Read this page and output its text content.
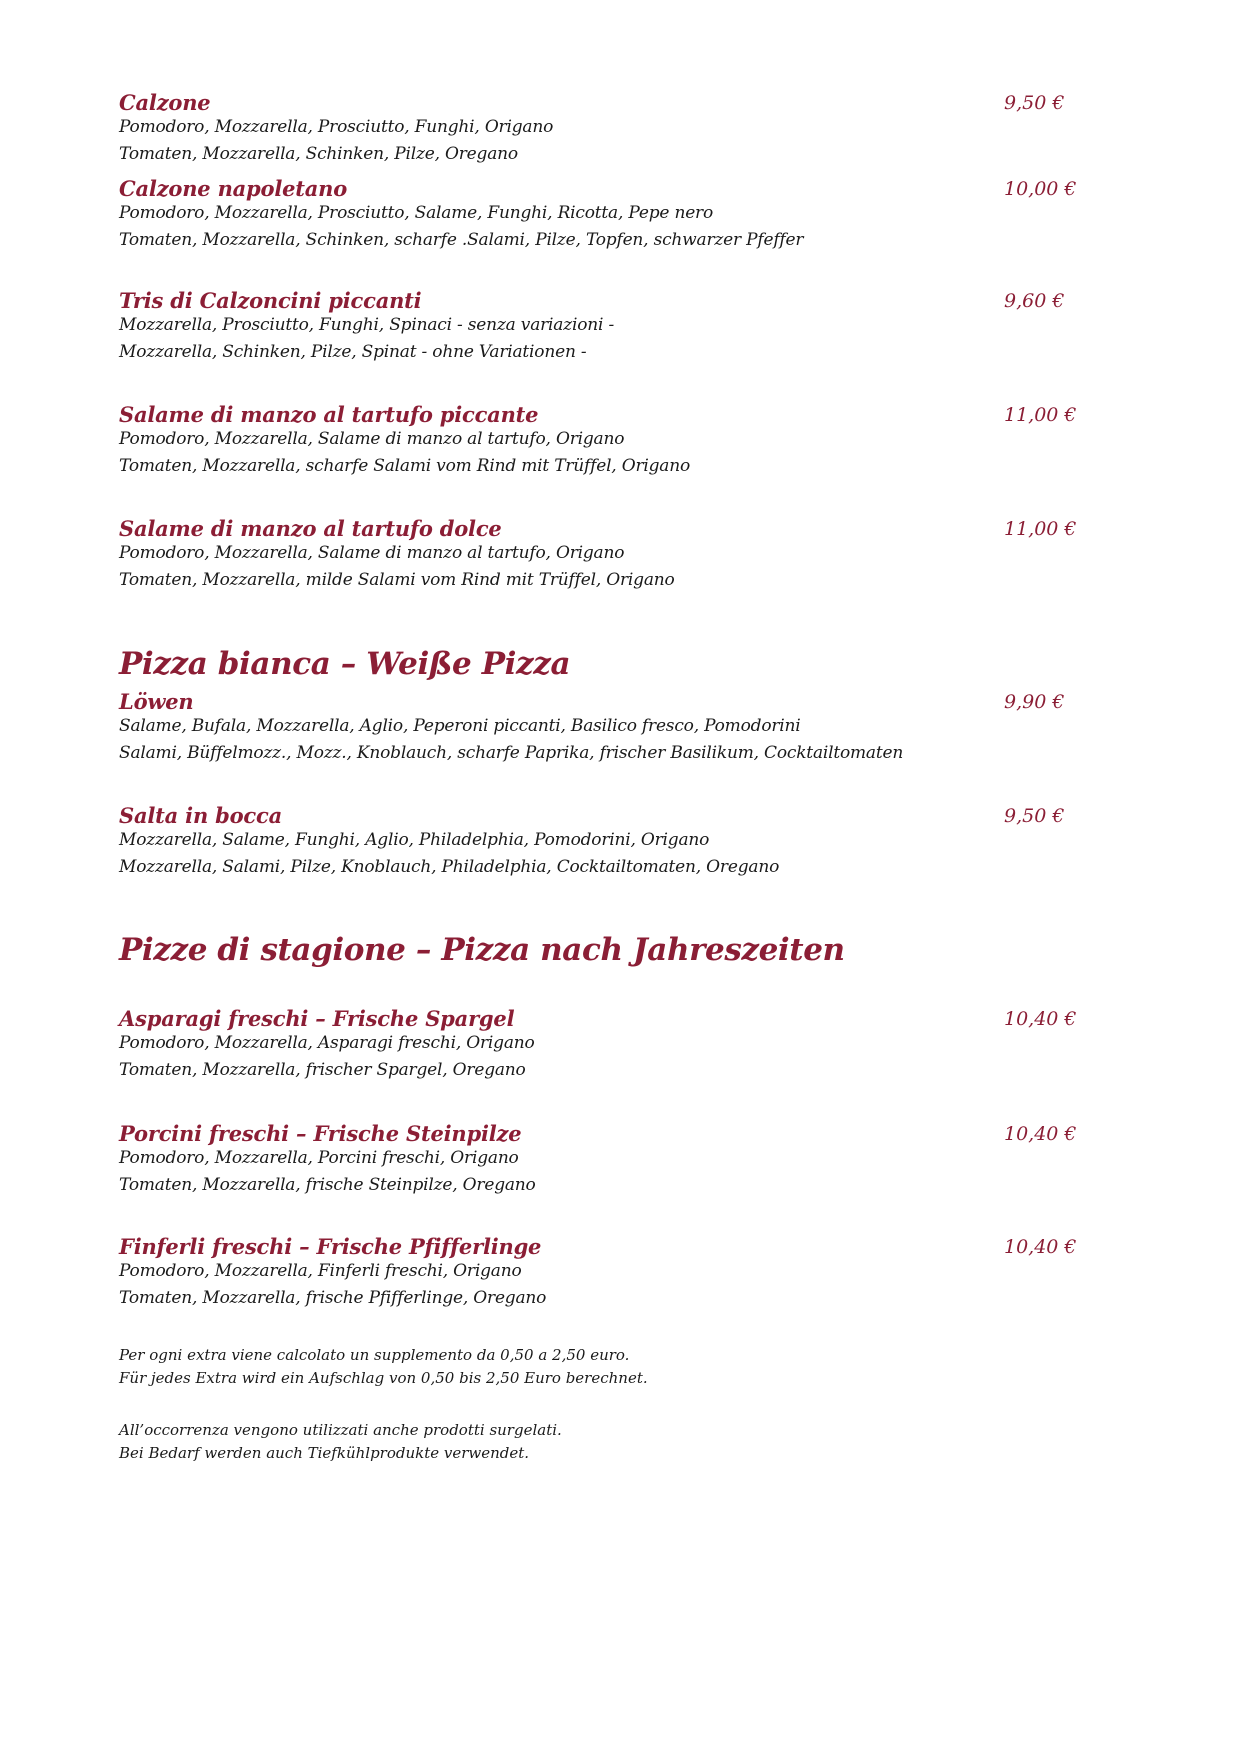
Calzone	9,50 €
Pomodoro, Mozzarella, Prosciutto, Funghi, Origano
Tomaten, Mozzarella, Schinken, Pilze, Oregano
Calzone napoletano	10,00 €
Pomodoro, Mozzarella, Prosciutto, Salame, Funghi, Ricotta, Pepe nero
Tomaten, Mozzarella, Schinken, scharfe .Salami, Pilze, Topfen, schwarzer Pfeffer
Tris di Calzoncini piccanti	9,60 €
Mozzarella, Prosciutto, Funghi, Spinaci - senza variazioni -
Mozzarella, Schinken, Pilze, Spinat - ohne Variationen -
Salame di manzo al tartufo piccante	11,00 €
Pomodoro, Mozzarella, Salame di manzo al tartufo, Origano
Tomaten, Mozzarella, scharfe Salami vom Rind mit Trüffel, Origano
Salame di manzo al tartufo dolce	11,00 €
Pomodoro, Mozzarella, Salame di manzo al tartufo, Origano
Tomaten, Mozzarella, milde Salami vom Rind mit Trüffel, Origano
Pizza bianca – Weiße Pizza
Löwen	9,90 €
Salame, Bufala, Mozzarella, Aglio, Peperoni piccanti, Basilico fresco, Pomodorini
Salami, Büffelmozz., Mozz., Knoblauch, scharfe Paprika, frischer Basilikum, Cocktailtomaten
Salta in bocca	9,50 €
Mozzarella, Salame, Funghi, Aglio, Philadelphia, Pomodorini, Origano
Mozzarella, Salami, Pilze, Knoblauch, Philadelphia, Cocktailtomaten, Oregano
Pizze di stagione – Pizza nach Jahreszeiten
Asparagi freschi – Frische Spargel	10,40 €
Pomodoro, Mozzarella, Asparagi freschi, Origano
Tomaten, Mozzarella, frischer Spargel, Oregano
Porcini freschi – Frische Steinpilze	10,40 €
Pomodoro, Mozzarella, Porcini freschi, Origano
Tomaten, Mozzarella, frische Steinpilze, Oregano
Finferli freschi – Frische Pfifferlinge	10,40 €
Pomodoro, Mozzarella, Finferli freschi, Origano
Tomaten, Mozzarella, frische Pfifferlinge, Oregano
Per ogni extra viene calcolato un supplemento da 0,50 a 2,50 euro.
Für jedes Extra wird ein Aufschlag von 0,50 bis 2,50 Euro berechnet.
All’occorrenza vengono utilizzati anche prodotti surgelati.
Bei Bedarf werden auch Tiefkühlprodukte verwendet.
